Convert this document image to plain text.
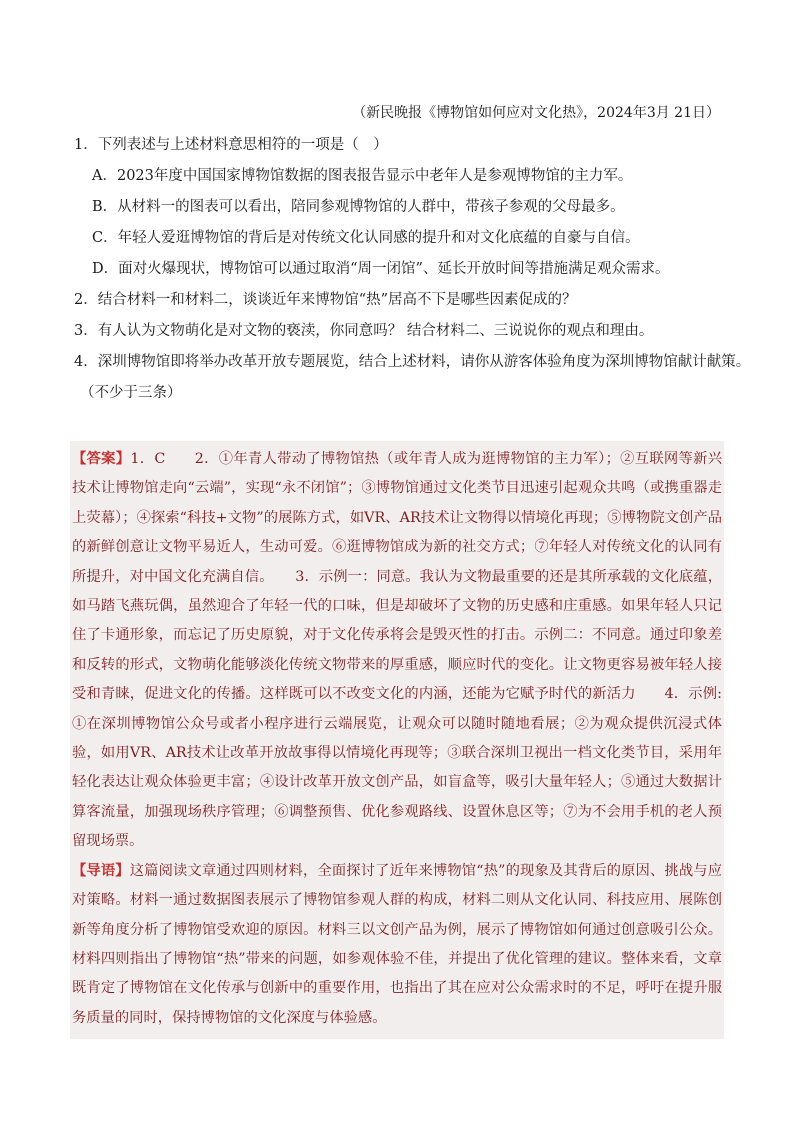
（新民晚报《博物馆如何应对文化热》，2024年3月 21日）
1．下列表述与上述材料意思相符的一项是（　）
A．2023年度中国国家博物馆数据的图表报告显示中老年人是参观博物馆的主力军。
B．从材料一的图表可以看出，陪同参观博物馆的人群中，带孩子参观的父母最多。
C．年轻人爱逛博物馆的背后是对传统文化认同感的提升和对文化底蕴的自豪与自信。
D．面对火爆现状，博物馆可以通过取消“周一闭馆”、延长开放时间等措施满足观众需求。
2．结合材料一和材料二，谈谈近年来博物馆“热”居高不下是哪些因素促成的？
3．有人认为文物萌化是对文物的亵渎，你同意吗？ 结合材料二、三说说你的观点和理由。
4．深圳博物馆即将举办改革开放专题展览，结合上述材料，请你从游客体验角度为深圳博物馆献计献策。
（不少于三条）

【答案】1．C　　2．①年青人带动了博物馆热（或年青人成为逛博物馆的主力军）；②互联网等新兴技术让博物馆走向“云端”，实现“永不闭馆”；③博物馆通过文化类节目迅速引起观众共鸣（或携重器走上荧幕）；④探索“科技+文物”的展陈方式，如VR、AR技术让文物得以情境化再现；⑤博物院文创产品的新鲜创意让文物平易近人，生动可爱。⑥逛博物馆成为新的社交方式；⑦年轻人对传统文化的认同有所提升，对中国文化充满自信。　　3．示例一：同意。我认为文物最重要的还是其所承载的文化底蕴，如马踏飞燕玩偶，虽然迎合了年轻一代的口味，但是却破坏了文物的历史感和庄重感。如果年轻人只记住了卡通形象，而忘记了历史原貌，对于文化传承将会是毁灭性的打击。示例二：不同意。通过印象差和反转的形式，文物萌化能够淡化传统文物带来的厚重感，顺应时代的变化。让文物更容易被年轻人接受和青睐，促进文化的传播。这样既可以不改变文化的内涵，还能为它赋予时代的新活力　　4．示例: ①在深圳博物馆公众号或者小程序进行云端展览，让观众可以随时随地看展；②为观众提供沉浸式体验，如用VR、AR技术让改革开放故事得以情境化再现等；③联合深圳卫视出一档文化类节目，采用年轻化表达让观众体验更丰富；④设计改革开放文创产品，如盲盒等，吸引大量年轻人；⑤通过大数据计算客流量，加强现场秩序管理；⑥调整预售、优化参观路线、设置休息区等；⑦为不会用手机的老人预留现场票。

【导语】这篇阅读文章通过四则材料，全面探讨了近年来博物馆“热”的现象及其背后的原因、挑战与应对策略。材料一通过数据图表展示了博物馆参观人群的构成，材料二则从文化认同、科技应用、展陈创新等角度分析了博物馆受欢迎的原因。材料三以文创产品为例，展示了博物馆如何通过创意吸引公众。材料四则指出了博物馆“热”带来的问题，如参观体验不佳，并提出了优化管理的建议。整体来看，文章既肯定了博物馆在文化传承与创新中的重要作用，也指出了其在应对公众需求时的不足，呼吁在提升服务质量的同时，保持博物馆的文化深度与体验感。
